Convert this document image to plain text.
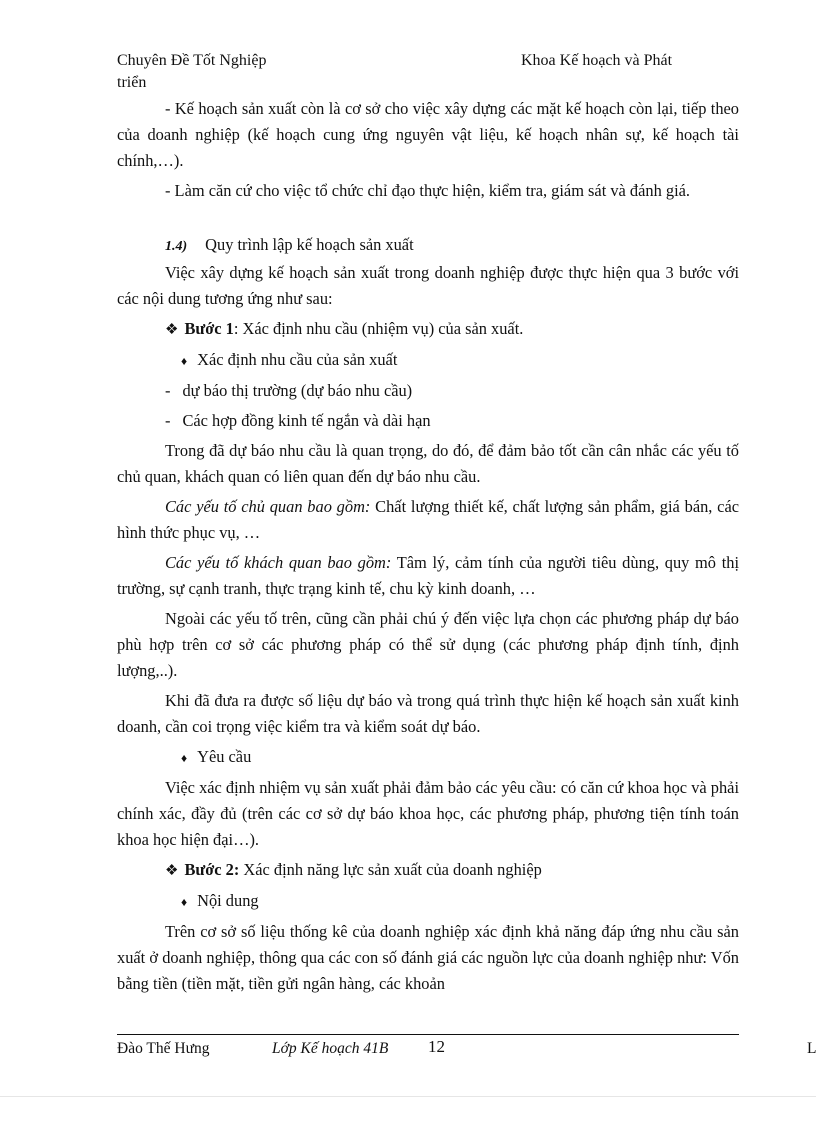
Chuyên Đề Tốt Nghiệp	Khoa Kế hoạch và Phát
triển

- Kế hoạch sản xuất còn là cơ sở cho việc xây dựng các mặt kế hoạch còn lại, tiếp theo của doanh nghiệp (kế hoạch cung ứng nguyên vật liệu, kế hoạch nhân sự, kế hoạch tài chính,…).

- Làm căn cứ cho việc tổ chức chỉ đạo thực hiện, kiểm tra, giám sát và đánh giá.

1.4) Quy trình lập kế hoạch sản xuất

Việc xây dựng kế hoạch sản xuất trong doanh nghiệp được thực hiện qua 3 bước với các nội dung tương ứng như sau:

❖ Bước 1: Xác định nhu cầu (nhiệm vụ) của sản xuất.
♦ Xác định nhu cầu của sản xuất
- dự báo thị trường (dự báo nhu cầu)
- Các hợp đồng kinh tế ngắn và dài hạn

Trong đã dự báo nhu cầu là quan trọng, do đó, để đảm bảo tốt cần cân nhắc các yếu tố chủ quan, khách quan có liên quan đến dự báo nhu cầu.

Các yếu tố chủ quan bao gồm: Chất lượng thiết kế, chất lượng sản phẩm, giá bán, các hình thức phục vụ, …

Các yếu tố khách quan bao gồm: Tâm lý, cảm tính của người tiêu dùng, quy mô thị trường, sự cạnh tranh, thực trạng kinh tế, chu kỳ kinh doanh, …

Ngoài các yếu tố trên, cũng cần phải chú ý đến việc lựa chọn các phương pháp dự báo phù hợp trên cơ sở các phương pháp có thể sử dụng (các phương pháp định tính, định lượng,..).

Khi đã đưa ra được số liệu dự báo và trong quá trình thực hiện kế hoạch sản xuất kinh doanh, cần coi trọng việc kiểm tra và kiểm soát dự báo.

♦ Yêu cầu

Việc xác định nhiệm vụ sản xuất phải đảm bảo các yêu cầu: có căn cứ khoa học và phải chính xác, đầy đủ (trên các cơ sở dự báo khoa học, các phương pháp, phương tiện tính toán khoa học hiện đại…).

❖ Bước 2: Xác định năng lực sản xuất của doanh nghiệp
♦ Nội dung

Trên cơ sở số liệu thống kê của doanh nghiệp xác định khả năng đáp ứng nhu cầu sản xuất ở doanh nghiệp, thông qua các con số đánh giá các nguồn lực của doanh nghiệp như: Vốn bằng tiền (tiền mặt, tiền gửi ngân hàng, các khoản

Đào Thế Hưng	Lớp Kế hoạch 41B 12	L
